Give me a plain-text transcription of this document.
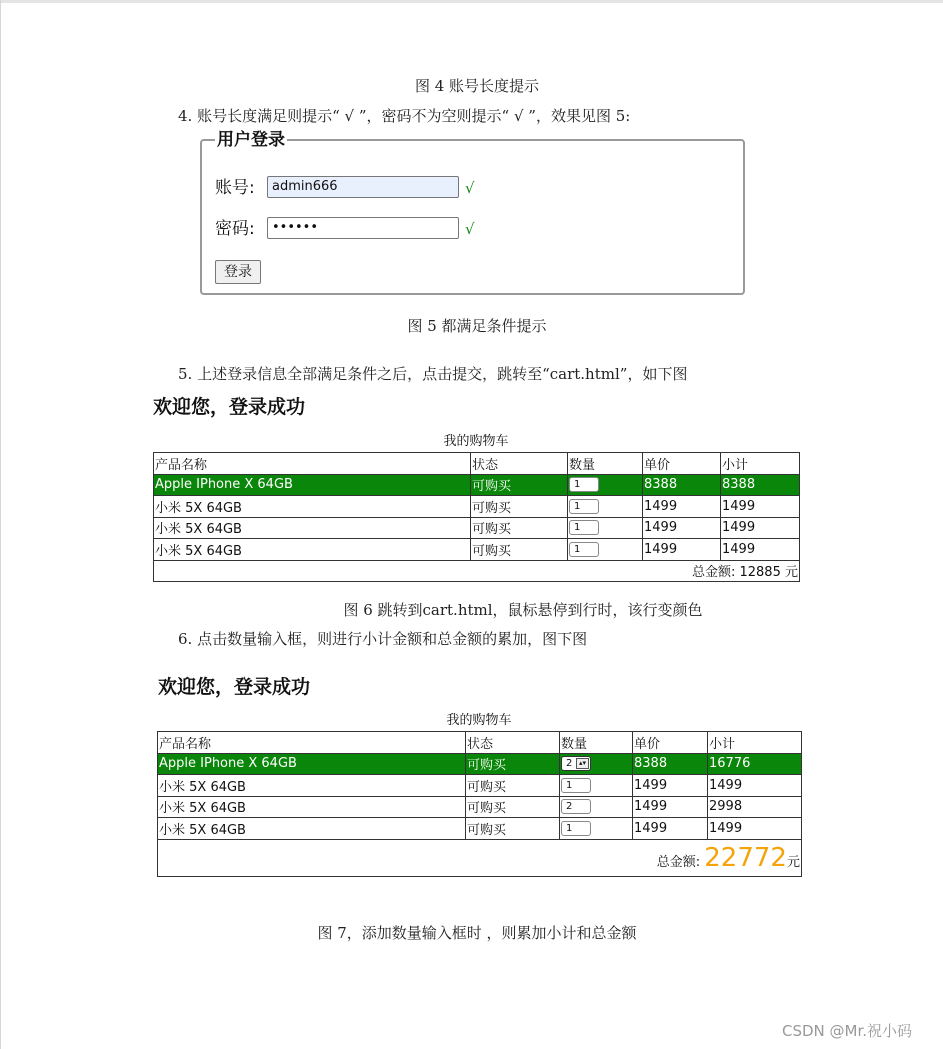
图 4 账号长度提示
4. 账号长度满足则提示“ √ ”，密码不为空则提示“ √ ”，效果见图 5:
用户登录
账号: admin666	√
密码: ••••••	√
登录
图 5 都满足条件提示
5. 上述登录信息全部满足条件之后，点击提交，跳转至“cart.html”，如下图
欢迎您，登录成功
我的购物车
产品名称	状态	数量	单价	小计
Apple IPhone X 64GB	可购买	1	8388	8388
小米 5X 64GB	可购买	1	1499	1499
小米 5X 64GB	可购买	1	1499	1499
小米 5X 64GB	可购买	1	1499	1499
总金额: 12885 元				
图 6 跳转到cart.html，鼠标悬停到行时，该行变颜色
6. 点击数量输入框，则进行小计金额和总金额的累加，图下图
欢迎您，登录成功
我的购物车
产品名称	状态	数量	单价	小计
Apple IPhone X 64GB	可购买	2 ▴▾	8388	16776
小米 5X 64GB	可购买	1	1499	1499
小米 5X 64GB	可购买	2	1499	2998
小米 5X 64GB	可购买	1	1499	1499
总金额: 22772元				
图 7，添加数量输入框时 ，则累加小计和总金额
CSDN @Mr.祝小码
